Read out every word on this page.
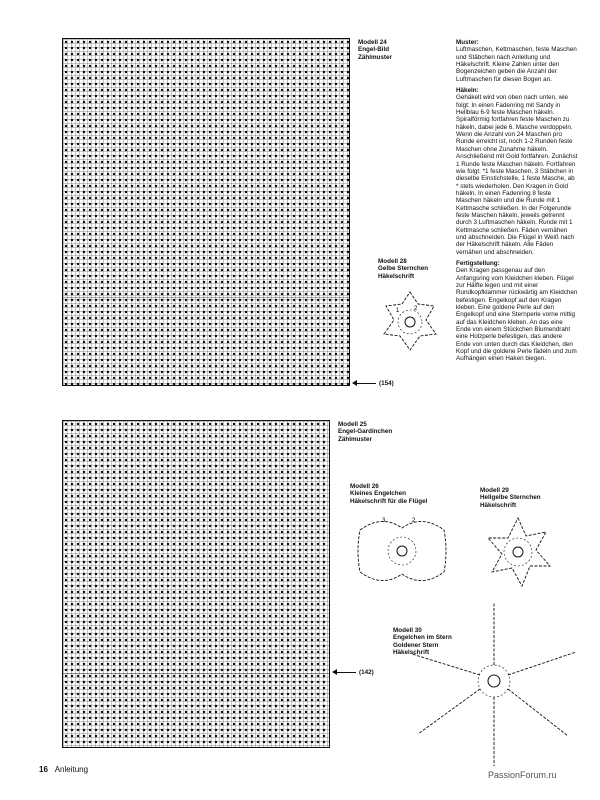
Modell 24
Engel-Bild
Zählmuster
(154)
Modell 28
Gelbe Sternchen
Häkelschrift
1 2

Muster:

Luftmaschen, Kettmaschen, feste Maschen und Stäbchen nach Anleitung und Häkelschrift. Kleine Zahlen unter den Bogenzeichen geben die Anzahl der Luftmaschen für diesen Bogen an.

Häkeln:

Gehäkelt wird von oben nach unten, wie folgt: In einen Fadenring mit Sandy in Hellblau 6-9 feste Maschen häkeln. Spiralförmig fortfahren feste Maschen zu häkeln, dabei jede 6. Masche verdoppeln. Wenn die Anzahl von 24 Maschen pro Runde erreicht ist, noch 1-2 Runden feste Maschen ohne Zunahme häkeln. Anschließend mit Gold fortfahren. Zunächst 1 Runde feste Maschen häkeln. Fortfahren wie folgt: *1 feste Maschen, 3 Stäbchen in dieselbe Einstichstelle, 1 feste Masche, ab * stets wiederholen. Den Kragen in Gold häkeln. In einen Fadenring 8 feste Maschen häkeln und die Runde mit 1 Kettmasche schließen. In der Folgerunde feste Maschen häkeln, jeweils getrennt durch 3 Luftmaschen häkeln. Runde mit 1 Kettmasche schließen. Fäden vernähen und abschneiden. Die Flügel in Weiß nach der Häkelschrift häkeln. Alle Fäden vernähen und abschneiden.

Fertigstellung:

Den Kragen passgenau auf den Anfangsring vom Kleidchen kleben. Flügel zur Hälfte legen und mit einer Rundkopfklammer rückwärtig am Kleidchen befestigen. Engelkopf auf den Kragen kleben. Eine goldene Perle auf den Engelkopf und eine Sternperle vorne mittig auf das Kleidchen kleben. An das eine Ende von einem Stückchen Blumendraht eine Holzperle befestigen, das andere Ende von unten durch das Kleidchen, den Kopf und die goldene Perle fädeln und zum Aufhängen einen Haken biegen.

Modell 25
Engel-Gardinchen
Zählmuster
(142)
Modell 26
Kleines Engelchen
Häkelschrift für die Flügel
3	2
Modell 29
Hellgelbe Sternchen
Häkelschrift
Modell 30
Engelchen im Stern
Goldener Stern
Häkelschrift
16 Anleitung
PassionForum.ru
